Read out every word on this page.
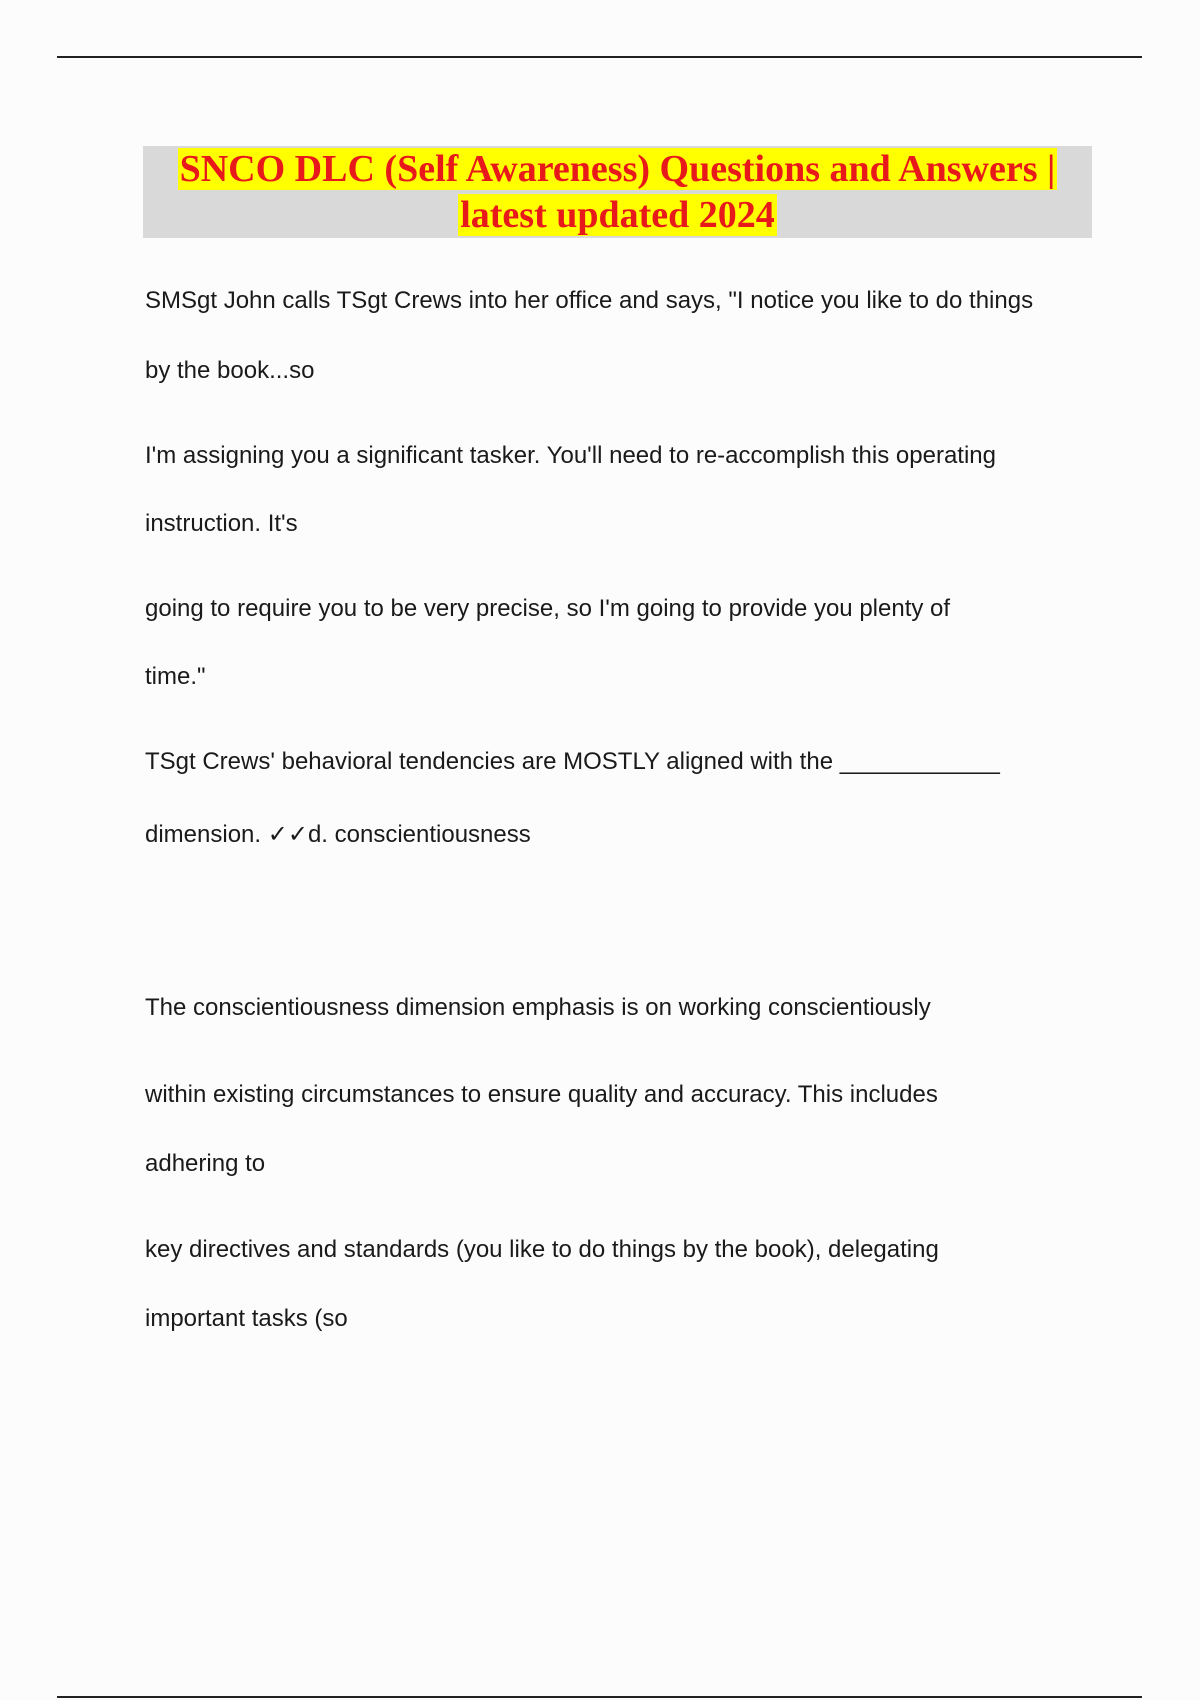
SNCO DLC (Self Awareness) Questions and Answers |
latest updated 2024

SMSgt John calls TSgt Crews into her office and says, "I notice you like to do things

by the book...so

I'm assigning you a significant tasker. You'll need to re-accomplish this operating

instruction. It's

going to require you to be very precise, so I'm going to provide you plenty of

time."

TSgt Crews' behavioral tendencies are MOSTLY aligned with the ____________

dimension. ✓✓d. conscientiousness

The conscientiousness dimension emphasis is on working conscientiously

within existing circumstances to ensure quality and accuracy. This includes

adhering to

key directives and standards (you like to do things by the book), delegating

important tasks (so
